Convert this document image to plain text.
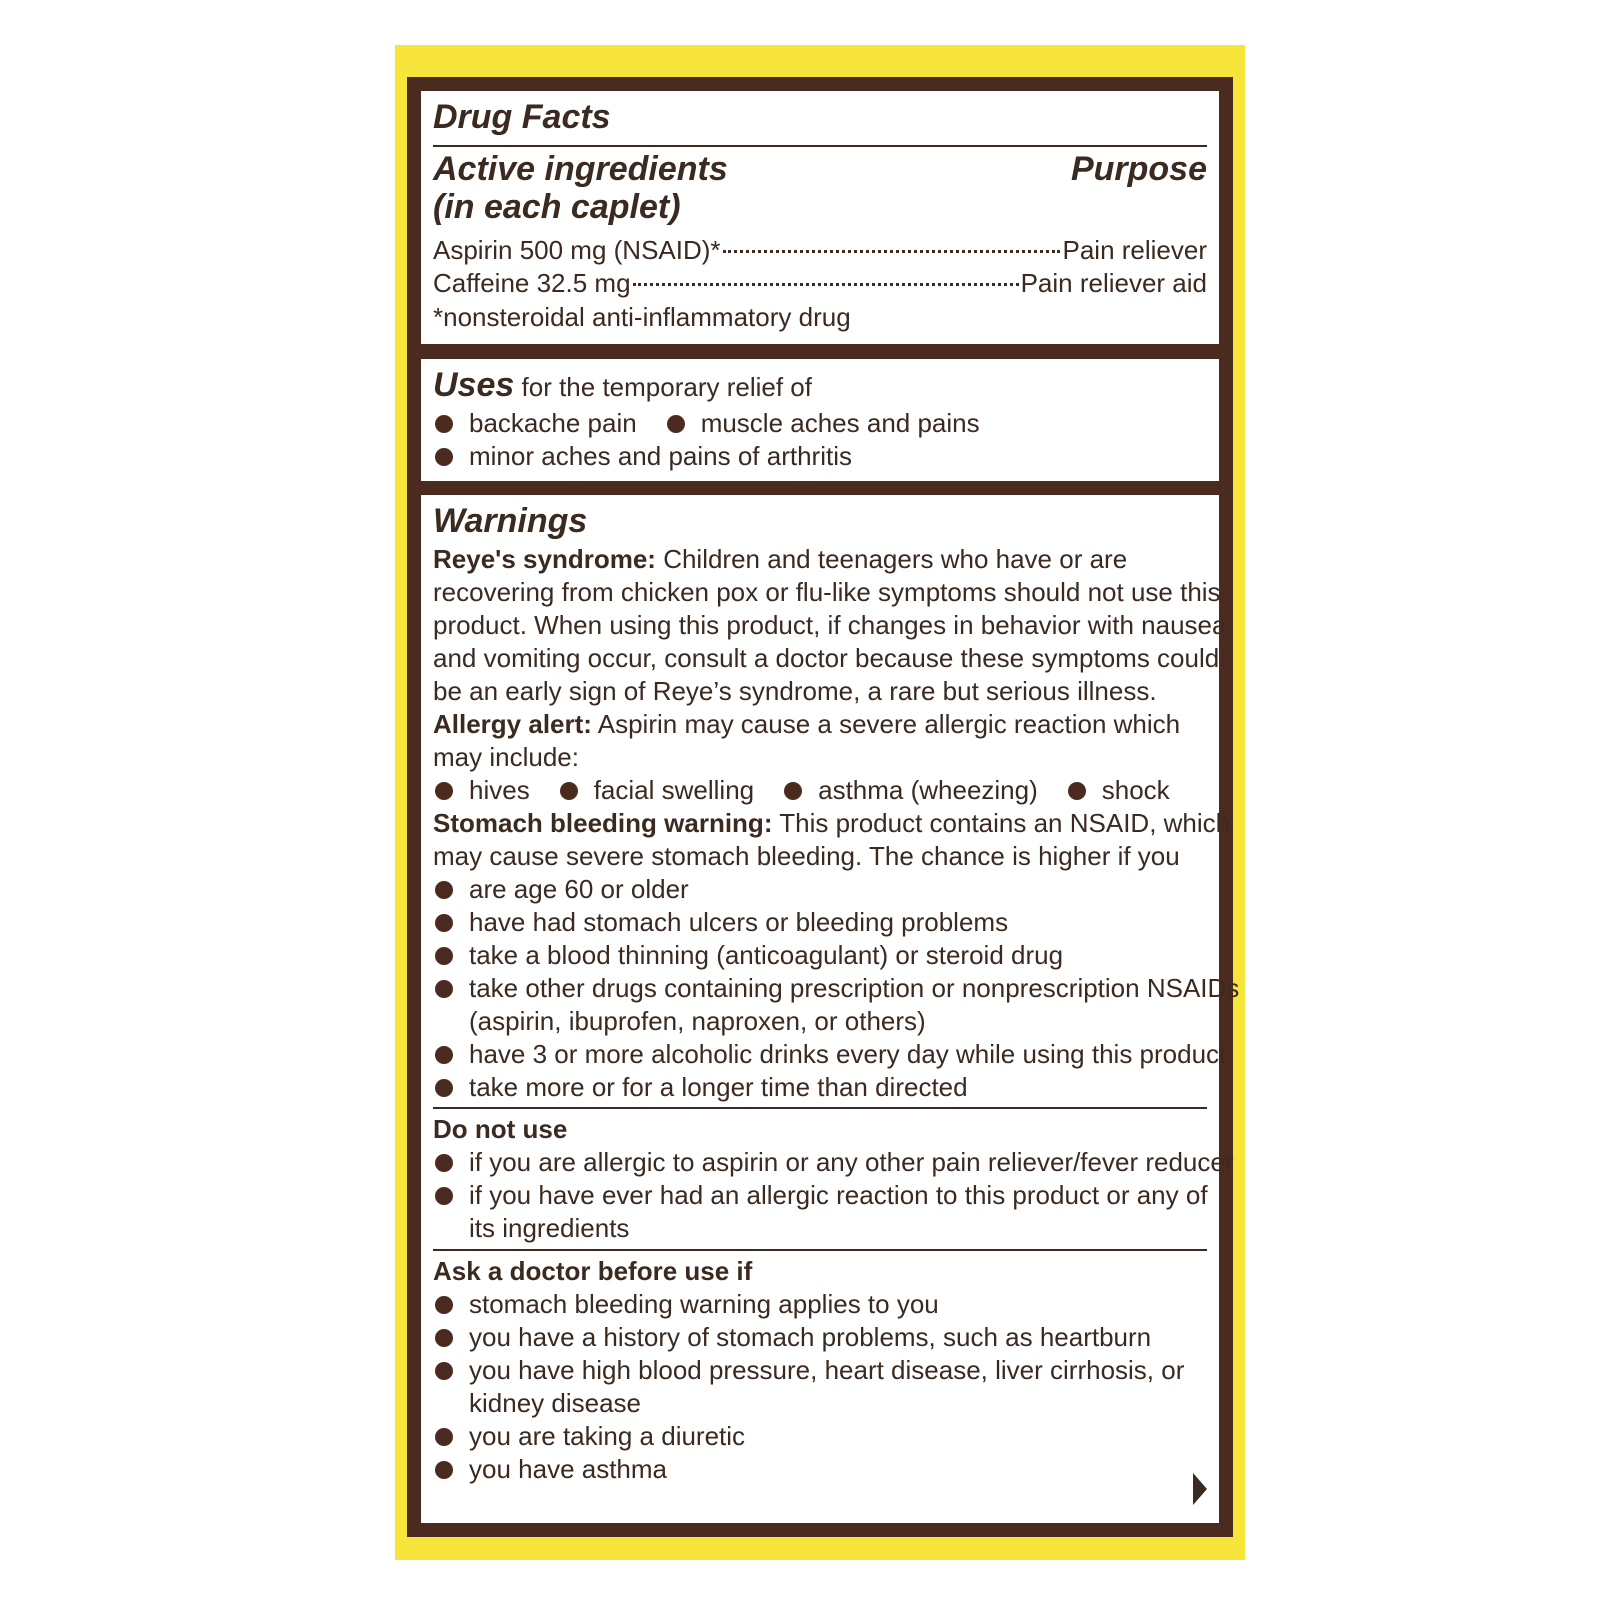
Drug Facts
Active ingredients
(in each caplet)
Purpose
Aspirin 500 mg (NSAID)*	Pain reliever
Caffeine 32.5 mg	Pain reliever aid
*nonsteroidal anti-inflammatory drug
Uses for the temporary relief of
backache pain muscle aches and pains
minor aches and pains of arthritis
Warnings
Reye's syndrome: Children and teenagers who have or are
recovering from chicken pox or flu-like symptoms should not use this
product. When using this product, if changes in behavior with nausea
and vomiting occur, consult a doctor because these symptoms could
be an early sign of Reye’s syndrome, a rare but serious illness.
Allergy alert: Aspirin may cause a severe allergic reaction which
may include:
hives facial swelling asthma (wheezing) shock
Stomach bleeding warning: This product contains an NSAID, which
may cause severe stomach bleeding. The chance is higher if you
are age 60 or older
have had stomach ulcers or bleeding problems
take a blood thinning (anticoagulant) or steroid drug
take other drugs containing prescription or nonprescription NSAIDs
(aspirin, ibuprofen, naproxen, or others)
have 3 or more alcoholic drinks every day while using this product
take more or for a longer time than directed
Do not use
if you are allergic to aspirin or any other pain reliever/fever reducer
if you have ever had an allergic reaction to this product or any of
its ingredients
Ask a doctor before use if
stomach bleeding warning applies to you
you have a history of stomach problems, such as heartburn
you have high blood pressure, heart disease, liver cirrhosis, or
kidney disease
you are taking a diuretic
you have asthma
